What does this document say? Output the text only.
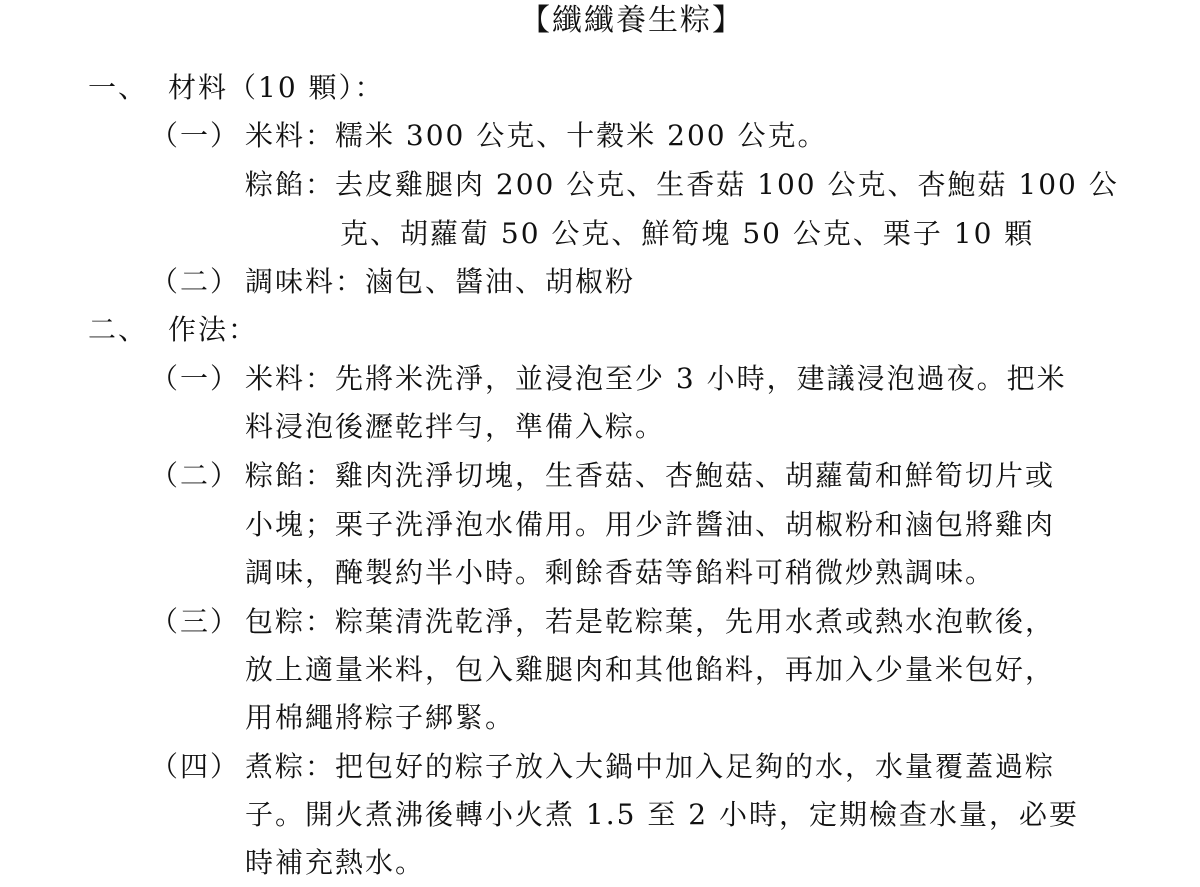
【纖纖養生粽】
一、 材料（10 顆）：
（一） 米料：糯米 300 公克、十穀米 200 公克。
粽餡：去皮雞腿肉 200 公克、生香菇 100 公克、杏鮑菇 100 公
克、胡蘿蔔 50 公克、鮮筍塊 50 公克、栗子 10 顆
（二） 調味料：滷包、醬油、胡椒粉
二、 作法：
（一） 米料：先將米洗淨，並浸泡至少 3 小時，建議浸泡過夜。把米
料浸泡後瀝乾拌勻，準備入粽。
（二） 粽餡：雞肉洗淨切塊，生香菇、杏鮑菇、胡蘿蔔和鮮筍切片或
小塊；栗子洗淨泡水備用。用少許醬油、胡椒粉和滷包將雞肉
調味，醃製約半小時。剩餘香菇等餡料可稍微炒熟調味。
（三） 包粽：粽葉清洗乾淨，若是乾粽葉，先用水煮或熱水泡軟後，
放上適量米料，包入雞腿肉和其他餡料，再加入少量米包好，
用棉繩將粽子綁緊。
（四） 煮粽：把包好的粽子放入大鍋中加入足夠的水，水量覆蓋過粽
子。開火煮沸後轉小火煮 1.5 至 2 小時，定期檢查水量，必要
時補充熱水。
